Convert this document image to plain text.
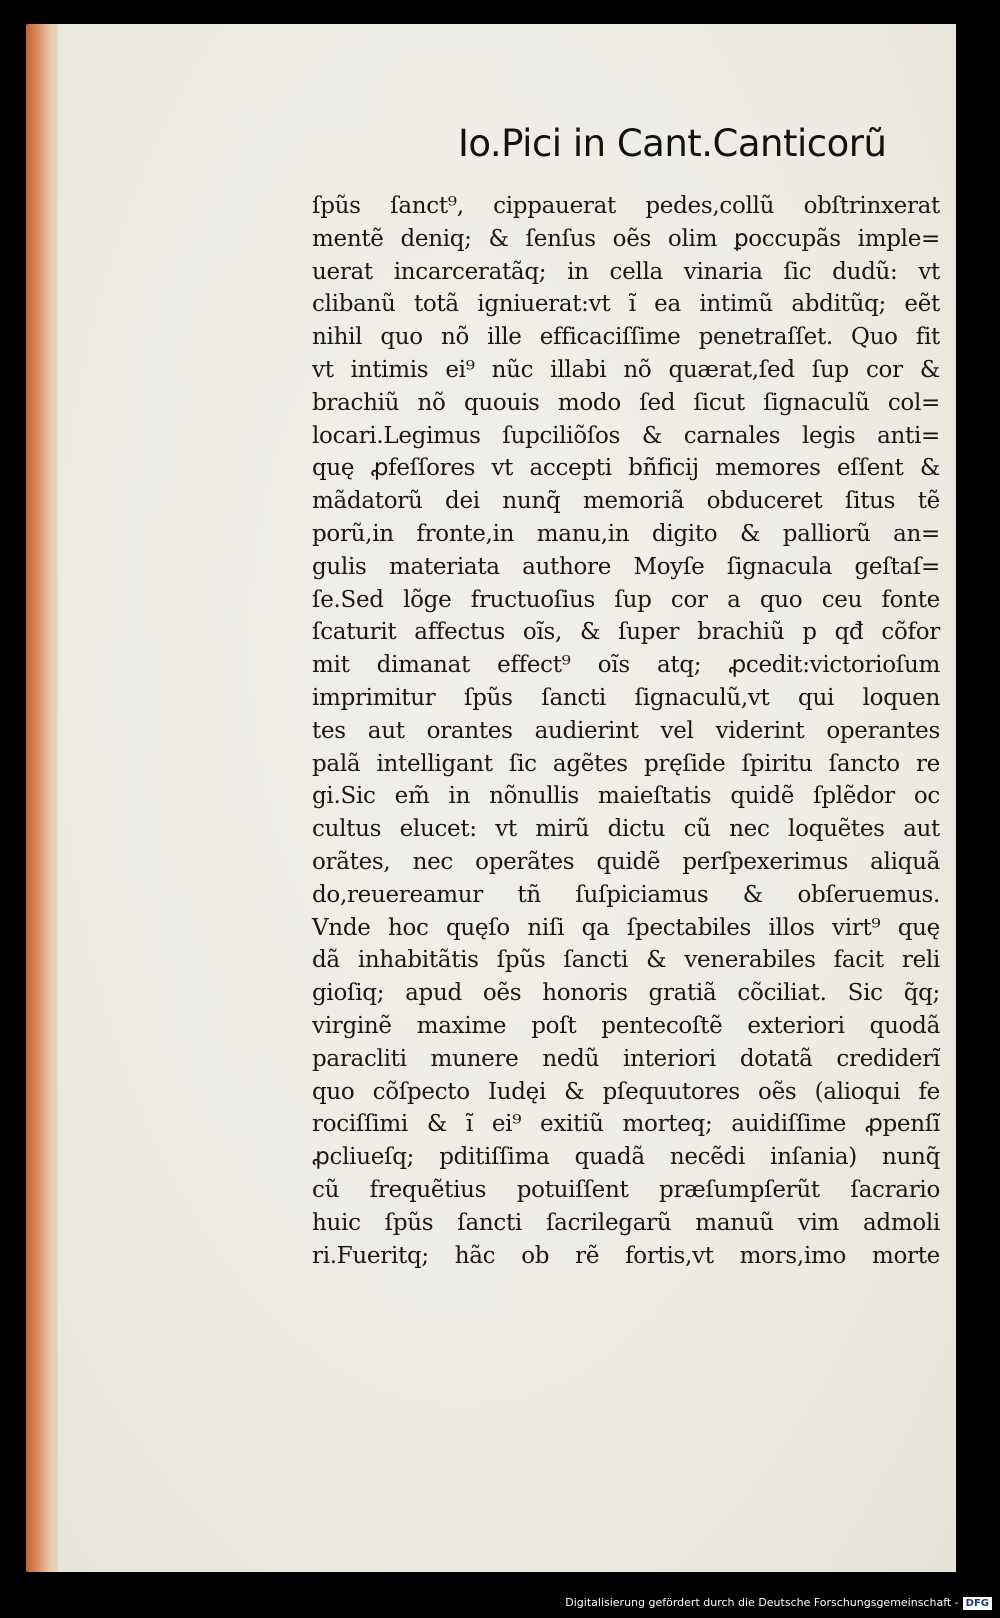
Io.Pici in Cant.Canticorũ
ſpũs ſanct⁹, cippauerat pedes,collũ obſtrinxerat
mentẽ deniq; & ſenſus oẽs olim ꝑoccupãs imple=
uerat incarceratãq; in cella vinaria ſic dudũ: vt
clibanũ totã igniuerat:vt ĩ ea intimũ abditũq; eẽt
nihil quo nõ ille efficaciſſime penetraſſet. Quo fit
vt intimis ei⁹ nũc illabi nõ quærat,ſed ſup cor &
brachiũ nõ quouis modo ſed ſicut ſignaculũ col=
locari.Legimus ſupciliõſos & carnales legis anti=
quę ꝓfeſſores vt accepti bñficij memores eſſent &
mãdatorũ dei nunq̃ memoriã obduceret ſitus tẽ
porũ,in fronte,in manu,in digito & palliorũ an=
gulis materiata authore Moyſe ſignacula geſtaſ=
ſe.Sed lõge fructuoſius ſup cor a quo ceu fonte
ſcaturit affectus oĩs, & ſuper brachiũ p qđ cõfor
mit dimanat effect⁹ oĩs atq; ꝓcedit:victorioſum
imprimitur ſpũs ſancti ſignaculũ,vt qui loquen
tes aut orantes audierint vel viderint operantes
palã intelligant ſic agẽtes pręſide ſpiritu ſancto re
gi.Sic em̃ in nõnullis maieſtatis quidẽ ſplẽdor oc
cultus elucet: vt mirũ dictu cũ nec loquẽtes aut
orãtes, nec operãtes quidẽ perſpexerimus aliquã
do,reuereamur tñ ſuſpiciamus & obſeruemus.
Vnde hoc quęſo niſi qa ſpectabiles illos virt⁹ quę
dã inhabitãtis ſpũs ſancti & venerabiles facit reli
gioſiq; apud oẽs honoris gratiã cõciliat. Sic q̃q;
virginẽ maxime poſt pentecoſtẽ exteriori quodã
paracliti munere nedũ interiori dotatã crediderĩ
quo cõſpecto Iudęi & pſequutores oẽs (alioqui fe
rociſſimi & ĩ ei⁹ exitiũ morteq; auidiſſime ꝓpenſĩ
ꝓcliueſq; pditiſſima quadã necẽdi inſania) nunq̃
cũ frequẽtius potuiſſent præſumpſerũt ſacrario
huic ſpũs ſancti ſacrilegarũ manuũ vim admoli
ri.Fueritq; hãc ob rẽ fortis,vt mors,imo morte
Digitalisierung gefördert durch die Deutsche Forschungsgemeinschaft - DFG
